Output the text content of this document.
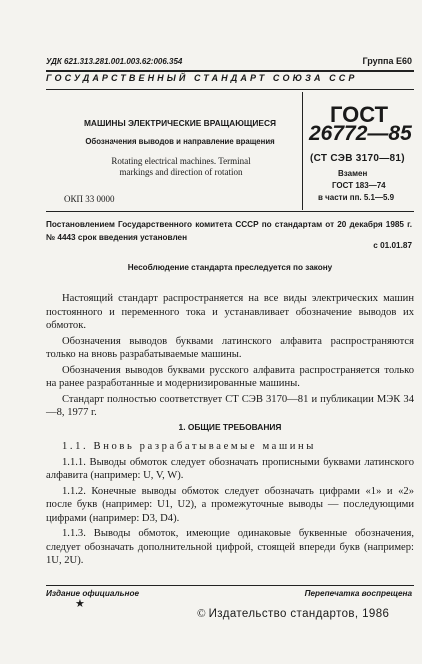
УДК 621.313.281.001.003.62:006.354	Группа Е60
ГОСУДАРСТВЕННЫЙ СТАНДАРТ СОЮЗА ССР
МАШИНЫ ЭЛЕКТРИЧЕСКИЕ ВРАЩАЮЩИЕСЯ
Обозначения выводов и направление вращения
Rotating electrical machines. Terminal markings and direction of rotation
ОКП 33 0000
ГОСТ
26772—85
(СТ СЭВ 3170—81)
Взамен
ГОСТ 183—74
в части пп. 5.1—5.9
Постановлением Государственного комитета СССР по стандартам от 20 декабря 1985 г. № 4443 срок введения установлен
с 01.01.87
Несоблюдение стандарта преследуется по закону

Настоящий стандарт распространяется на все виды электрических машин постоянного и переменного тока и устанавливает обозначение выводов их обмоток.

Обозначения выводов буквами латинского алфавита распространяются только на вновь разрабатываемые машины.

Обозначения выводов буквами русского алфавита распространяется только на ранее разработанные и модернизированные машины.

Стандарт полностью соответствует СТ СЭВ 3170—81 и публикации МЭК 34—8, 1977 г.

1. ОБЩИЕ ТРЕБОВАНИЯ

1.1. Вновь разрабатываемые машины

1.1.1. Выводы обмоток следует обозначать прописными буквами латинского алфавита (например: U, V, W).

1.1.2. Конечные выводы обмоток следует обозначать цифрами «1» и «2» после букв (например: U1, U2), а промежуточные выводы — последующими цифрами (например: D3, D4).

1.1.3. Выводы обмоток, имеющие одинаковые буквенные обозначения, следует обозначать дополнительной цифрой, стоящей впереди букв (например: 1U, 2U).

Издание официальное	Перепечатка воспрещена
★
© Издательство стандартов, 1986
